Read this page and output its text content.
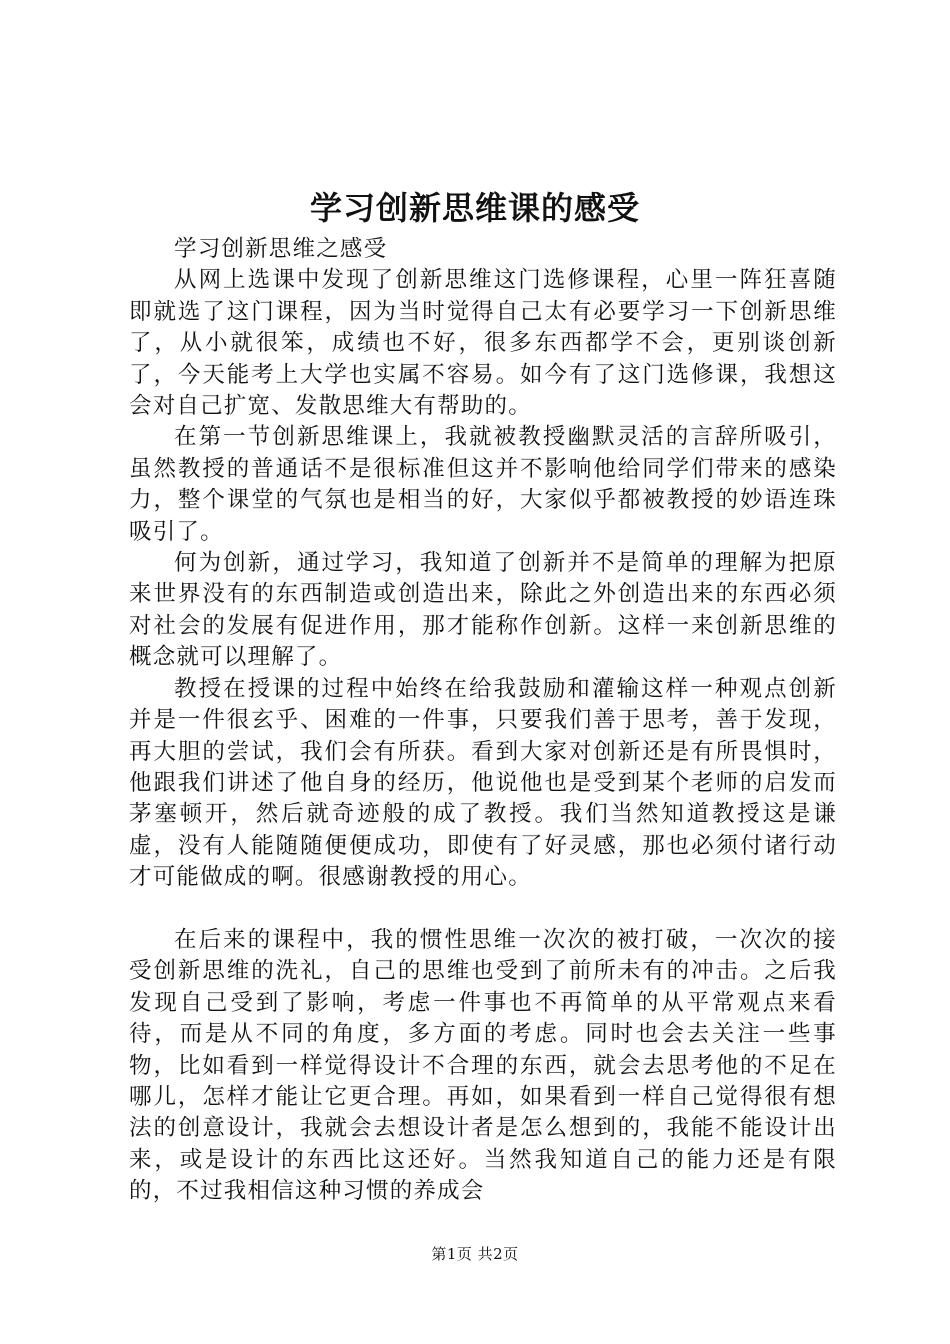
学习创新思维课的感受

学习创新思维之感受

从网上选课中发现了创新思维这门选修课程，心里一阵狂喜随即就选了这门课程，因为当时觉得自己太有必要学习一下创新思维了，从小就很笨，成绩也不好，很多东西都学不会，更别谈创新了，今天能考上大学也实属不容易。如今有了这门选修课，我想这会对自己扩宽、发散思维大有帮助的。

在第一节创新思维课上，我就被教授幽默灵活的言辞所吸引，虽然教授的普通话不是很标准但这并不影响他给同学们带来的感染力，整个课堂的气氛也是相当的好，大家似乎都被教授的妙语连珠吸引了。

何为创新，通过学习，我知道了创新并不是简单的理解为把原来世界没有的东西制造或创造出来，除此之外创造出来的东西必须对社会的发展有促进作用，那才能称作创新。这样一来创新思维的概念就可以理解了。

教授在授课的过程中始终在给我鼓励和灌输这样一种观点创新并是一件很玄乎、困难的一件事，只要我们善于思考，善于发现，再大胆的尝试，我们会有所获。看到大家对创新还是有所畏惧时，他跟我们讲述了他自身的经历，他说他也是受到某个老师的启发而茅塞顿开，然后就奇迹般的成了教授。我们当然知道教授这是谦虚，没有人能随随便便成功，即使有了好灵感，那也必须付诸行动才可能做成的啊。很感谢教授的用心。

在后来的课程中，我的惯性思维一次次的被打破，一次次的接受创新思维的洗礼，自己的思维也受到了前所未有的冲击。之后我发现自己受到了影响，考虑一件事也不再简单的从平常观点来看待，而是从不同的角度，多方面的考虑。同时也会去关注一些事物，比如看到一样觉得设计不合理的东西，就会去思考他的不足在哪儿，怎样才能让它更合理。再如，如果看到一样自己觉得很有想法的创意设计，我就会去想设计者是怎么想到的，我能不能设计出来，或是设计的东西比这还好。当然我知道自己的能力还是有限的，不过我相信这种习惯的养成会

第1页 共2页
